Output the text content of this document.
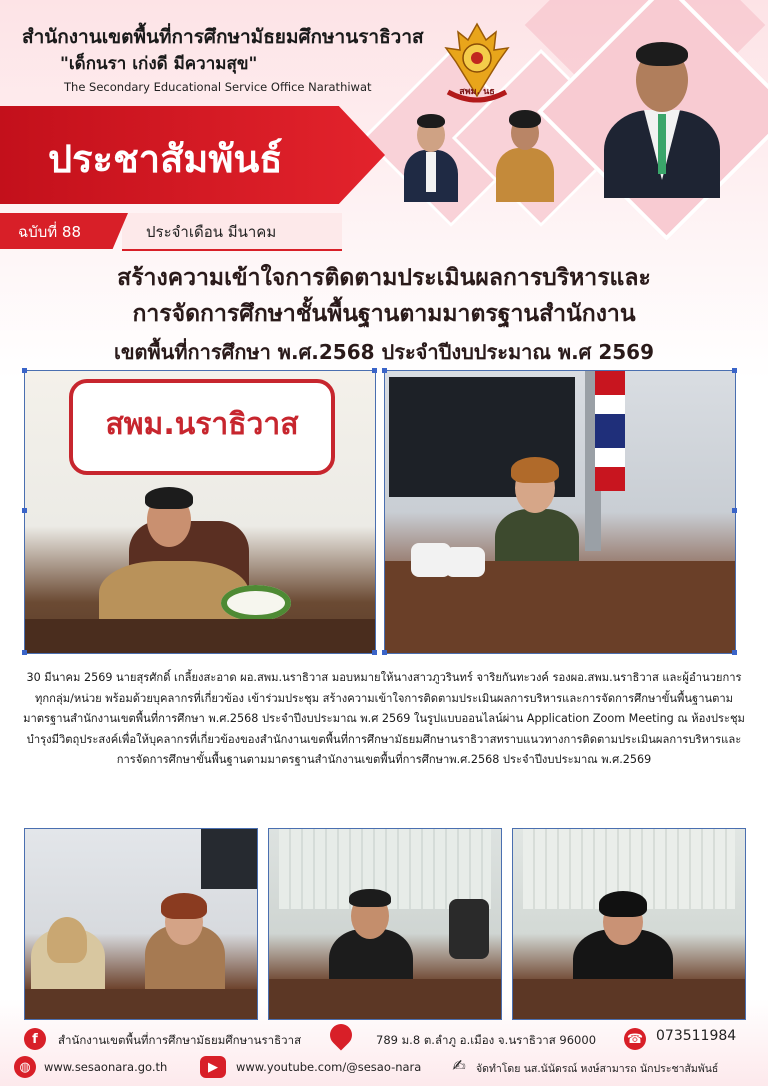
สำนักงานเขตพื้นที่การศึกษามัธยมศึกษานราธิวาส
"เด็กนรา เก่งดี มีความสุข"
The Secondary Educational Service Office Narathiwat	สพม. นธ
ประชาสัมพันธ์
ประจำเดือน มีนาคม
ฉบับที่ 88
สร้างความเข้าใจการติดตามประเมินผลการบริหารและ
การจัดการศึกษาชั้นพื้นฐานตามมาตรฐานสำนักงาน
เขตพื้นที่การศึกษา พ.ศ.2568 ประจำปีงบประมาณ พ.ศ 2569
สพม.นราธิวาส
30 มีนาคม 2569 นายสุรศักดิ์ เกลี้ยงสะอาด ผอ.สพม.นราธิวาส มอบหมายให้นางสาวภูวรินทร์ จาริยกันทะวงค์ รองผอ.สพม.นราธิวาส และผู้อำนวยการทุกกลุ่ม/หน่วย พร้อมด้วยบุคลากรที่เกี่ยวข้อง เข้าร่วมประชุม สร้างความเข้าใจการติดตามประเมินผลการบริหารและการจัดการศึกษาขั้นพื้นฐานตามมาตรฐานสำนักงานเขตพื้นที่การศึกษา พ.ศ.2568 ประจำปีงบประมาณ พ.ศ 2569 ในรูปแบบออนไลน์ผ่าน Application Zoom Meeting ณ ห้องประชุมบำรุงมีวิตถุประสงค์เพื่อให้บุคลากรที่เกี่ยวข้องของสำนักงานเขตพื้นที่การศึกษามัธยมศึกษานราธิวาสทราบแนวทางการติดตามประเมินผลการบริหารและการจัดการศึกษาขั้นพื้นฐานตามมาตรฐานสำนักงานเขตพื้นที่การศึกษาพ.ศ.2568 ประจำปีงบประมาณ พ.ศ.2569
f	สำนักงานเขตพื้นที่การศึกษามัธยมศึกษานราธิวาส	789 ม.8 ต.ลำภู อ.เมือง จ.นราธิวาส 96000 ☎ 073511984
◍	www.sesaonara.go.th	▶	www.youtube.com/@sesao-nara ✍ จัดทำโดย นส.นันัดรณ์ หงษ์สามารถ นักประชาสัมพันธ์
